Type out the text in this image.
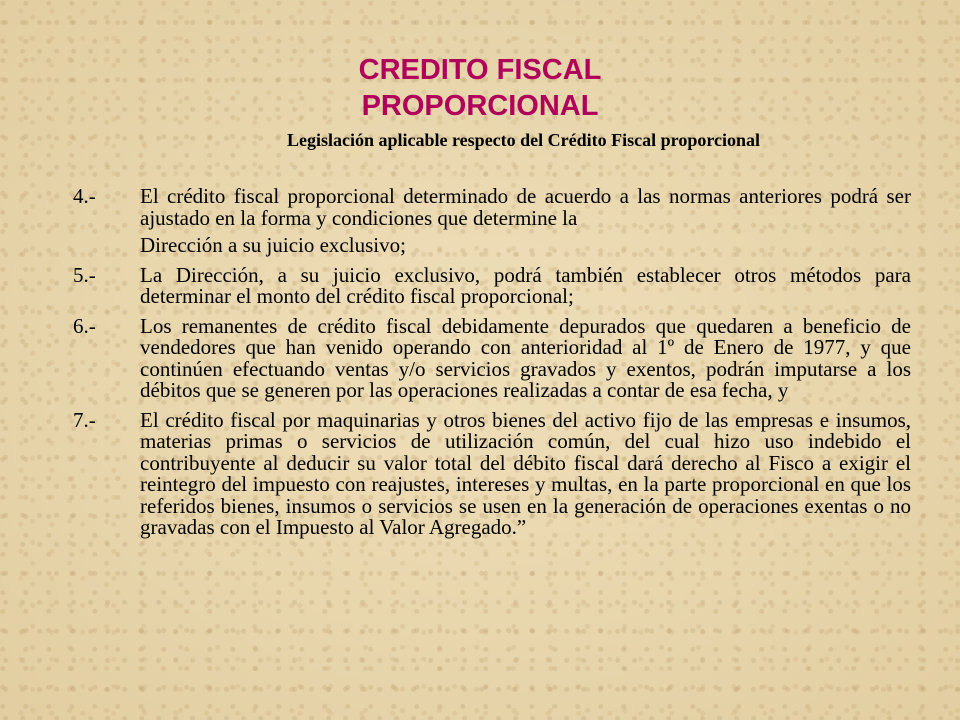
CREDITO FISCAL
PROPORCIONAL
Legislación aplicable respecto del Crédito Fiscal proporcional
4.-	El crédito fiscal proporcional determinado de acuerdo a las normas anteriores podrá ser ajustado en la forma y condiciones que determine la
Dirección a su juicio exclusivo;

5.-	La Dirección, a su juicio exclusivo, podrá también establecer otros métodos para determinar el monto del crédito fiscal proporcional;

6.-	Los remanentes de crédito fiscal debidamente depurados que quedaren a beneficio de vendedores que han venido operando con anterioridad al 1º de Enero de 1977, y que continúen efectuando ventas y/o servicios gravados y exentos, podrán imputarse a los débitos que se generen por las operaciones realizadas a contar de esa fecha, y

7.-	El crédito fiscal por maquinarias y otros bienes del activo fijo de las empresas e insumos, materias primas o servicios de utilización común, del cual hizo uso indebido el contribuyente al deducir su valor total del débito fiscal dará derecho al Fisco a exigir el reintegro del impuesto con reajustes, intereses y multas, en la parte proporcional en que los referidos bienes, insumos o servicios se usen en la generación de operaciones exentas o no gravadas con el Impuesto al Valor Agregado.”
